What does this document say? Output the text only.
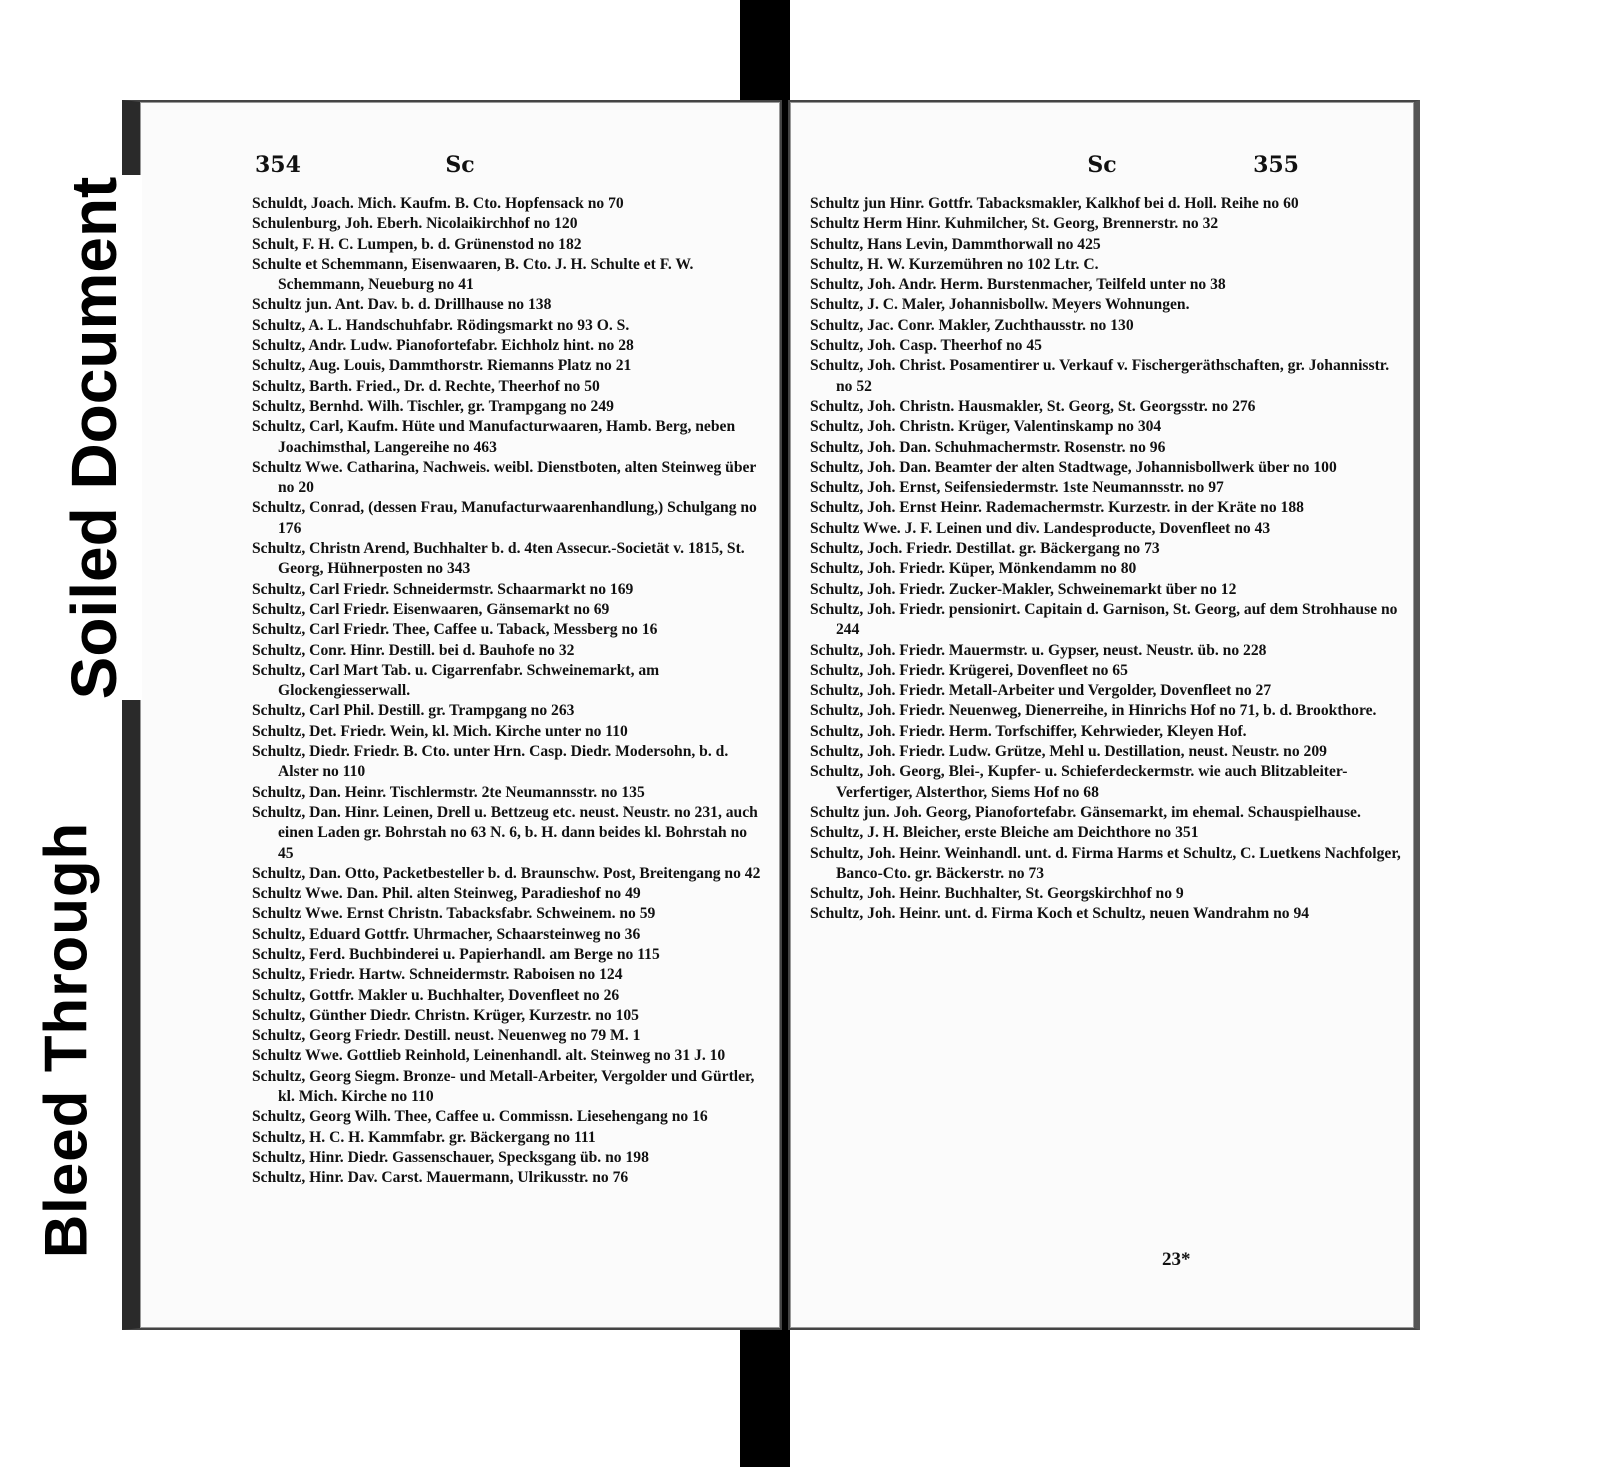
354	Sc
Schuldt, Joach. Mich. Kaufm. B. Cto. Hopfensack no 70
Schulenburg, Joh. Eberh. Nicolaikirchhof no 120
Schult, F. H. C. Lumpen, b. d. Grünenstod no 182
Schulte et Schemmann, Eisenwaaren, B. Cto. J. H. Schulte et F. W. Schemmann, Neueburg no 41
Schultz jun. Ant. Dav. b. d. Drillhause no 138
Schultz, A. L. Handschuhfabr. Rödingsmarkt no 93 O. S.
Schultz, Andr. Ludw. Pianofortefabr. Eichholz hint. no 28
Schultz, Aug. Louis, Dammthorstr. Riemanns Platz no 21
Schultz, Barth. Fried., Dr. d. Rechte, Theerhof no 50
Schultz, Bernhd. Wilh. Tischler, gr. Trampgang no 249
Schultz, Carl, Kaufm. Hüte und Manufacturwaaren, Hamb. Berg, neben Joachimsthal, Langereihe no 463
Schultz Wwe. Catharina, Nachweis. weibl. Dienstboten, alten Steinweg über no 20
Schultz, Conrad, (dessen Frau, Manufacturwaarenhandlung,) Schulgang no 176
Schultz, Christn Arend, Buchhalter b. d. 4ten Assecur.-Societät v. 1815, St. Georg, Hühnerposten no 343
Schultz, Carl Friedr. Schneidermstr. Schaarmarkt no 169
Schultz, Carl Friedr. Eisenwaaren, Gänsemarkt no 69
Schultz, Carl Friedr. Thee, Caffee u. Taback, Messberg no 16
Schultz, Conr. Hinr. Destill. bei d. Bauhofe no 32
Schultz, Carl Mart Tab. u. Cigarrenfabr. Schweinemarkt, am Glockengiesserwall.
Schultz, Carl Phil. Destill. gr. Trampgang no 263
Schultz, Det. Friedr. Wein, kl. Mich. Kirche unter no 110
Schultz, Diedr. Friedr. B. Cto. unter Hrn. Casp. Diedr. Modersohn, b. d. Alster no 110
Schultz, Dan. Heinr. Tischlermstr. 2te Neumannsstr. no 135
Schultz, Dan. Hinr. Leinen, Drell u. Bettzeug etc. neust. Neustr. no 231, auch einen Laden gr. Bohrstah no 63 N. 6, b. H. dann beides kl. Bohrstah no 45
Schultz, Dan. Otto, Packetbesteller b. d. Braunschw. Post, Breitengang no 42
Schultz Wwe. Dan. Phil. alten Steinweg, Paradieshof no 49
Schultz Wwe. Ernst Christn. Tabacksfabr. Schweinem. no 59
Schultz, Eduard Gottfr. Uhrmacher, Schaarsteinweg no 36
Schultz, Ferd. Buchbinderei u. Papierhandl. am Berge no 115
Schultz, Friedr. Hartw. Schneidermstr. Raboisen no 124
Schultz, Gottfr. Makler u. Buchhalter, Dovenfleet no 26
Schultz, Günther Diedr. Christn. Krüger, Kurzestr. no 105
Schultz, Georg Friedr. Destill. neust. Neuenweg no 79 M. 1
Schultz Wwe. Gottlieb Reinhold, Leinenhandl. alt. Steinweg no 31 J. 10
Schultz, Georg Siegm. Bronze- und Metall-Arbeiter, Vergolder und Gürtler, kl. Mich. Kirche no 110
Schultz, Georg Wilh. Thee, Caffee u. Commissn. Liesehengang no 16
Schultz, H. C. H. Kammfabr. gr. Bäckergang no 111
Schultz, Hinr. Diedr. Gassenschauer, Specksgang üb. no 198
Schultz, Hinr. Dav. Carst. Mauermann, Ulrikusstr. no 76
Sc	355
Schultz jun Hinr. Gottfr. Tabacksmakler, Kalkhof bei d. Holl. Reihe no 60
Schultz Herm Hinr. Kuhmilcher, St. Georg, Brennerstr. no 32
Schultz, Hans Levin, Dammthorwall no 425
Schultz, H. W. Kurzemühren no 102 Ltr. C.
Schultz, Joh. Andr. Herm. Burstenmacher, Teilfeld unter no 38
Schultz, J. C. Maler, Johannisbollw. Meyers Wohnungen.
Schultz, Jac. Conr. Makler, Zuchthausstr. no 130
Schultz, Joh. Casp. Theerhof no 45
Schultz, Joh. Christ. Posamentirer u. Verkauf v. Fischergeräthschaften, gr. Johannisstr. no 52
Schultz, Joh. Christn. Hausmakler, St. Georg, St. Georgsstr. no 276
Schultz, Joh. Christn. Krüger, Valentinskamp no 304
Schultz, Joh. Dan. Schuhmachermstr. Rosenstr. no 96
Schultz, Joh. Dan. Beamter der alten Stadtwage, Johannisbollwerk über no 100
Schultz, Joh. Ernst, Seifensiedermstr. 1ste Neumannsstr. no 97
Schultz, Joh. Ernst Heinr. Rademachermstr. Kurzestr. in der Kräte no 188
Schultz Wwe. J. F. Leinen und div. Landesproducte, Dovenfleet no 43
Schultz, Joch. Friedr. Destillat. gr. Bäckergang no 73
Schultz, Joh. Friedr. Küper, Mönkendamm no 80
Schultz, Joh. Friedr. Zucker-Makler, Schweinemarkt über no 12
Schultz, Joh. Friedr. pensionirt. Capitain d. Garnison, St. Georg, auf dem Strohhause no 244
Schultz, Joh. Friedr. Mauermstr. u. Gypser, neust. Neustr. üb. no 228
Schultz, Joh. Friedr. Krügerei, Dovenfleet no 65
Schultz, Joh. Friedr. Metall-Arbeiter und Vergolder, Dovenfleet no 27
Schultz, Joh. Friedr. Neuenweg, Dienerreihe, in Hinrichs Hof no 71, b. d. Brookthore.
Schultz, Joh. Friedr. Herm. Torfschiffer, Kehrwieder, Kleyen Hof.
Schultz, Joh. Friedr. Ludw. Grütze, Mehl u. Destillation, neust. Neustr. no 209
Schultz, Joh. Georg, Blei-, Kupfer- u. Schieferdeckermstr. wie auch Blitzableiter-Verfertiger, Alsterthor, Siems Hof no 68
Schultz jun. Joh. Georg, Pianofortefabr. Gänsemarkt, im ehemal. Schauspielhause.
Schultz, J. H. Bleicher, erste Bleiche am Deichthore no 351
Schultz, Joh. Heinr. Weinhandl. unt. d. Firma Harms et Schultz, C. Luetkens Nachfolger, Banco-Cto. gr. Bäckerstr. no 73
Schultz, Joh. Heinr. Buchhalter, St. Georgskirchhof no 9
Schultz, Joh. Heinr. unt. d. Firma Koch et Schultz, neuen Wandrahm no 94
23*
Soiled Document
Bleed Through
